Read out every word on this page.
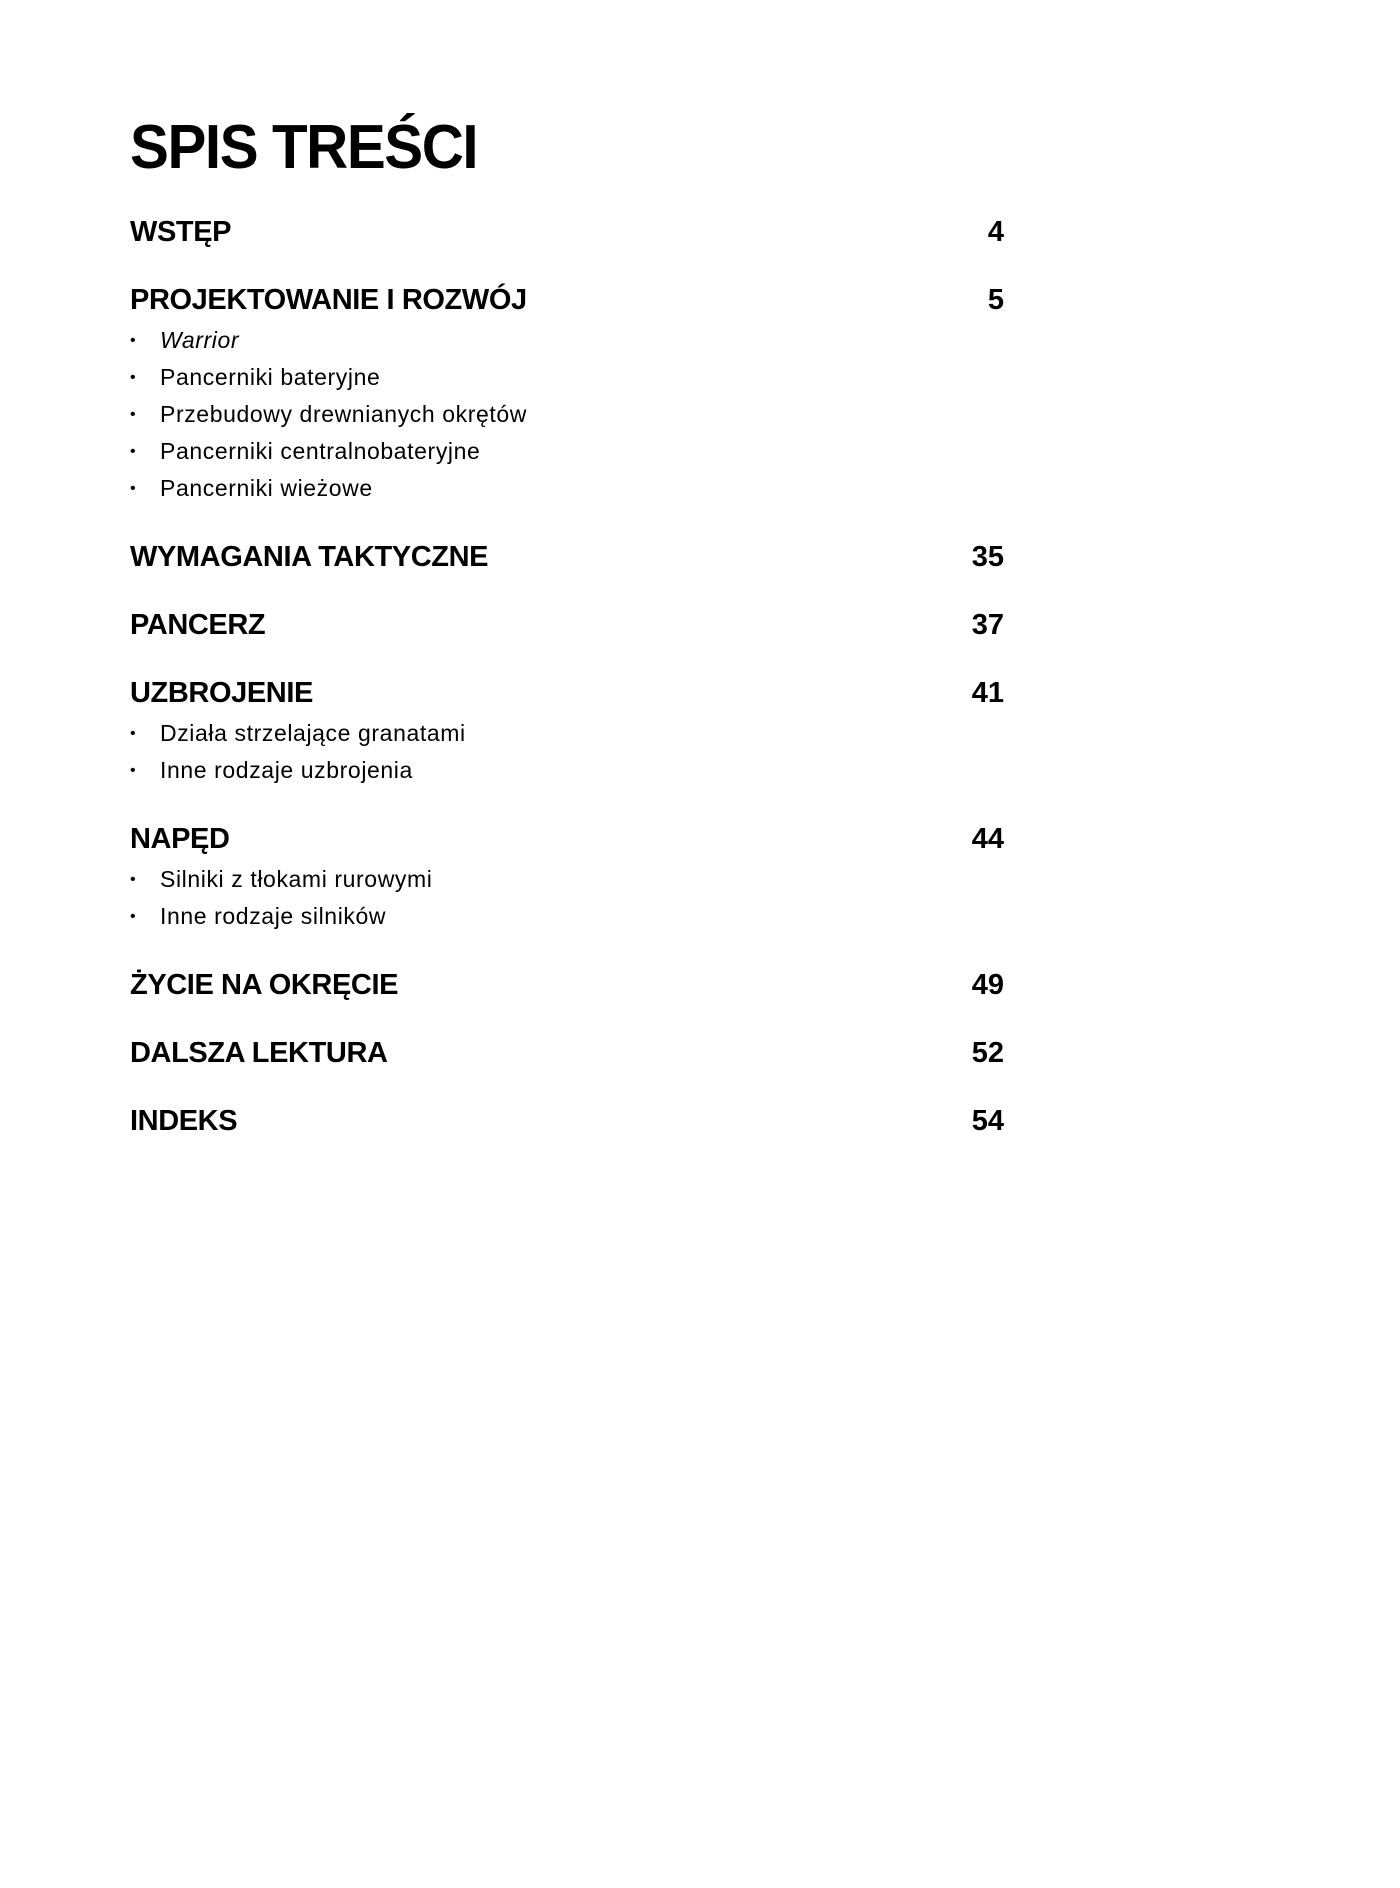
SPIS TREŚCI
WSTĘP	4
PROJEKTOWANIE I ROZWÓJ	5
• Warrior
• Pancerniki bateryjne
• Przebudowy drewnianych okrętów
• Pancerniki centralnobateryjne
• Pancerniki wieżowe
WYMAGANIA TAKTYCZNE	35
PANCERZ	37
UZBROJENIE	41
• Działa strzelające granatami
• Inne rodzaje uzbrojenia
NAPĘD	44
• Silniki z tłokami rurowymi
• Inne rodzaje silników
ŻYCIE NA OKRĘCIE	49
DALSZA LEKTURA	52
INDEKS	54
